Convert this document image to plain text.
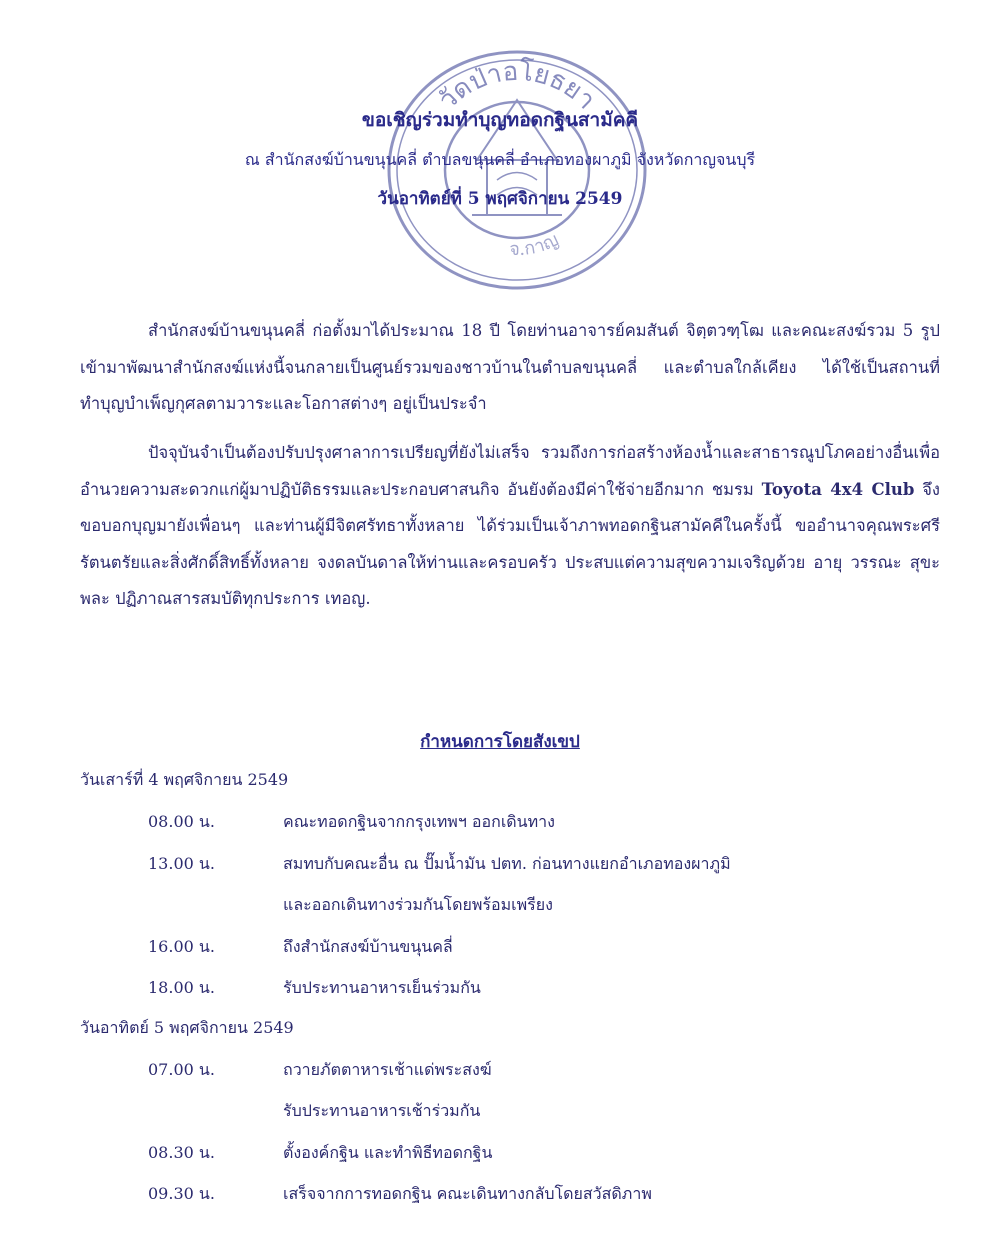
วัดป่าอโยธยา
จ.กาญ
ขอเชิญร่วมทำบุญทอดกฐินสามัคคี
ณ สำนักสงฆ์บ้านขนุนคลี่ ตำบลขนุนคลี่ อำเภอทองผาภูมิ จังหวัดกาญจนบุรี
วันอาทิตย์ที่ 5 พฤศจิกายน 2549
สำนักสงฆ์บ้านขนุนคลี่ ก่อตั้งมาได้ประมาณ 18 ปี โดยท่านอาจารย์คมสันต์ จิตฺตวฑฺโฒ และคณะสงฆ์รวม 5 รูป เข้ามาพัฒนาสำนักสงฆ์แห่งนี้จนกลายเป็นศูนย์รวมของชาวบ้านในตำบลขนุนคลี่ และตำบลใกล้เคียง ได้ใช้เป็นสถานที่ทำบุญบำเพ็ญกุศลตามวาระและโอกาสต่างๆ อยู่เป็นประจำ
ปัจจุบันจำเป็นต้องปรับปรุงศาลาการเปรียญที่ยังไม่เสร็จ รวมถึงการก่อสร้างห้องน้ำและสาธารณูปโภคอย่างอื่นเพื่ออำนวยความสะดวกแก่ผู้มาปฏิบัติธรรมและประกอบศาสนกิจ อันยังต้องมีค่าใช้จ่ายอีกมาก ชมรม Toyota 4x4 Club จึงขอบอกบุญมายังเพื่อนๆ และท่านผู้มีจิตศรัทธาทั้งหลาย ได้ร่วมเป็นเจ้าภาพทอดกฐินสามัคคีในครั้งนี้ ขออำนาจคุณพระศรีรัตนตรัยและสิ่งศักดิ์สิทธิ์ทั้งหลาย จงดลบันดาลให้ท่านและครอบครัว ประสบแต่ความสุขความเจริญด้วย อายุ วรรณะ สุขะ พละ ปฏิภาณสารสมบัติทุกประการ เทอญ.
กำหนดการโดยสังเขป
วันเสาร์ที่ 4 พฤศจิกายน 2549
08.00 น.	คณะทอดกฐินจากกรุงเทพฯ ออกเดินทาง
13.00 น.	สมทบกับคณะอื่น ณ ปั๊มน้ำมัน ปตท. ก่อนทางแยกอำเภอทองผาภูมิ
และออกเดินทางร่วมกันโดยพร้อมเพรียง
16.00 น.	ถึงสำนักสงฆ์บ้านขนุนคลี่
18.00 น.	รับประทานอาหารเย็นร่วมกัน
วันอาทิตย์ 5 พฤศจิกายน 2549
07.00 น.	ถวายภัตตาหารเช้าแด่พระสงฆ์
รับประทานอาหารเช้าร่วมกัน
08.30 น.	ตั้งองค์กฐิน และทำพิธีทอดกฐิน
09.30 น.	เสร็จจากการทอดกฐิน คณะเดินทางกลับโดยสวัสดิภาพ
